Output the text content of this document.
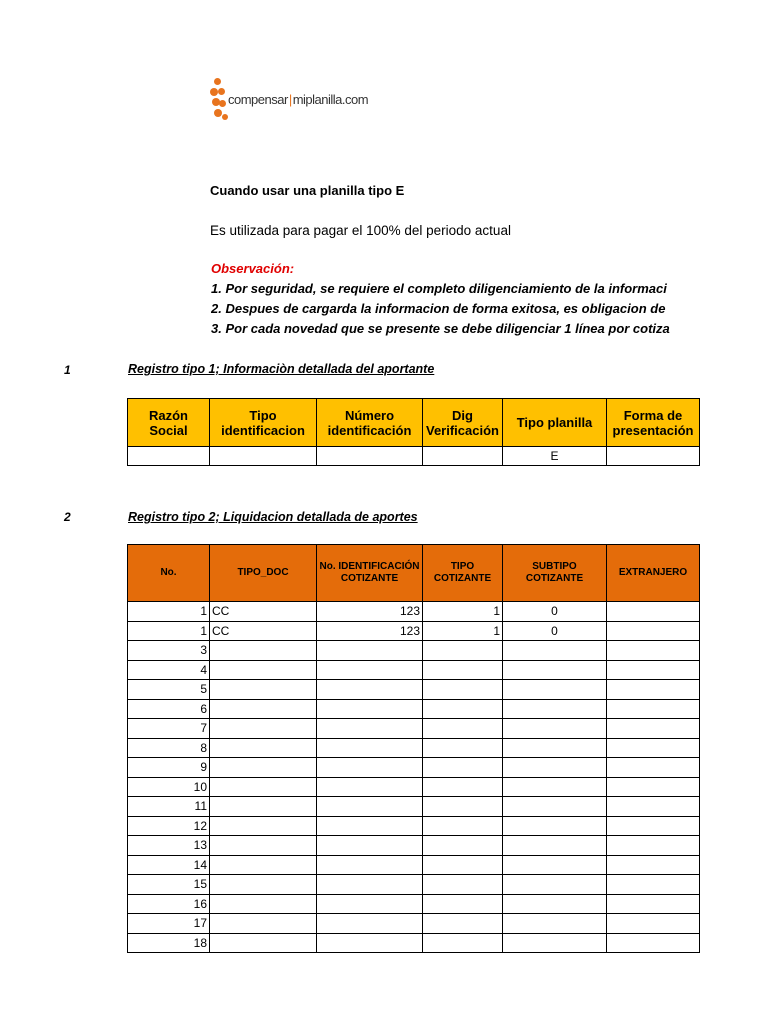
compensar|miplanilla.com
Cuando usar una planilla tipo E
Es utilizada para pagar el 100% del periodo actual
Observación:
1. Por seguridad, se requiere el completo diligenciamiento de la informaci
2. Despues de cargarda la informacion de forma exitosa, es obligacion de
3. Por cada novedad que se presente se debe diligenciar 1 línea por cotiza
1	Registro tipo 1; Informaciòn detallada del aportante
Razón Social	Tipo identificacion	Número identificación	Dig Verificación	Tipo planilla	Forma de presentación
				E	
2	Registro tipo 2; Liquidacion detallada de aportes
No.	TIPO_DOC	No. IDENTIFICACIÓN COTIZANTE	TIPO COTIZANTE	SUBTIPO COTIZANTE	EXTRANJERO
1	CC	123	1	0	
1	CC	123	1	0	
3					
4					
5					
6					
7					
8					
9					
10					
11					
12					
13					
14					
15					
16					
17					
18					
